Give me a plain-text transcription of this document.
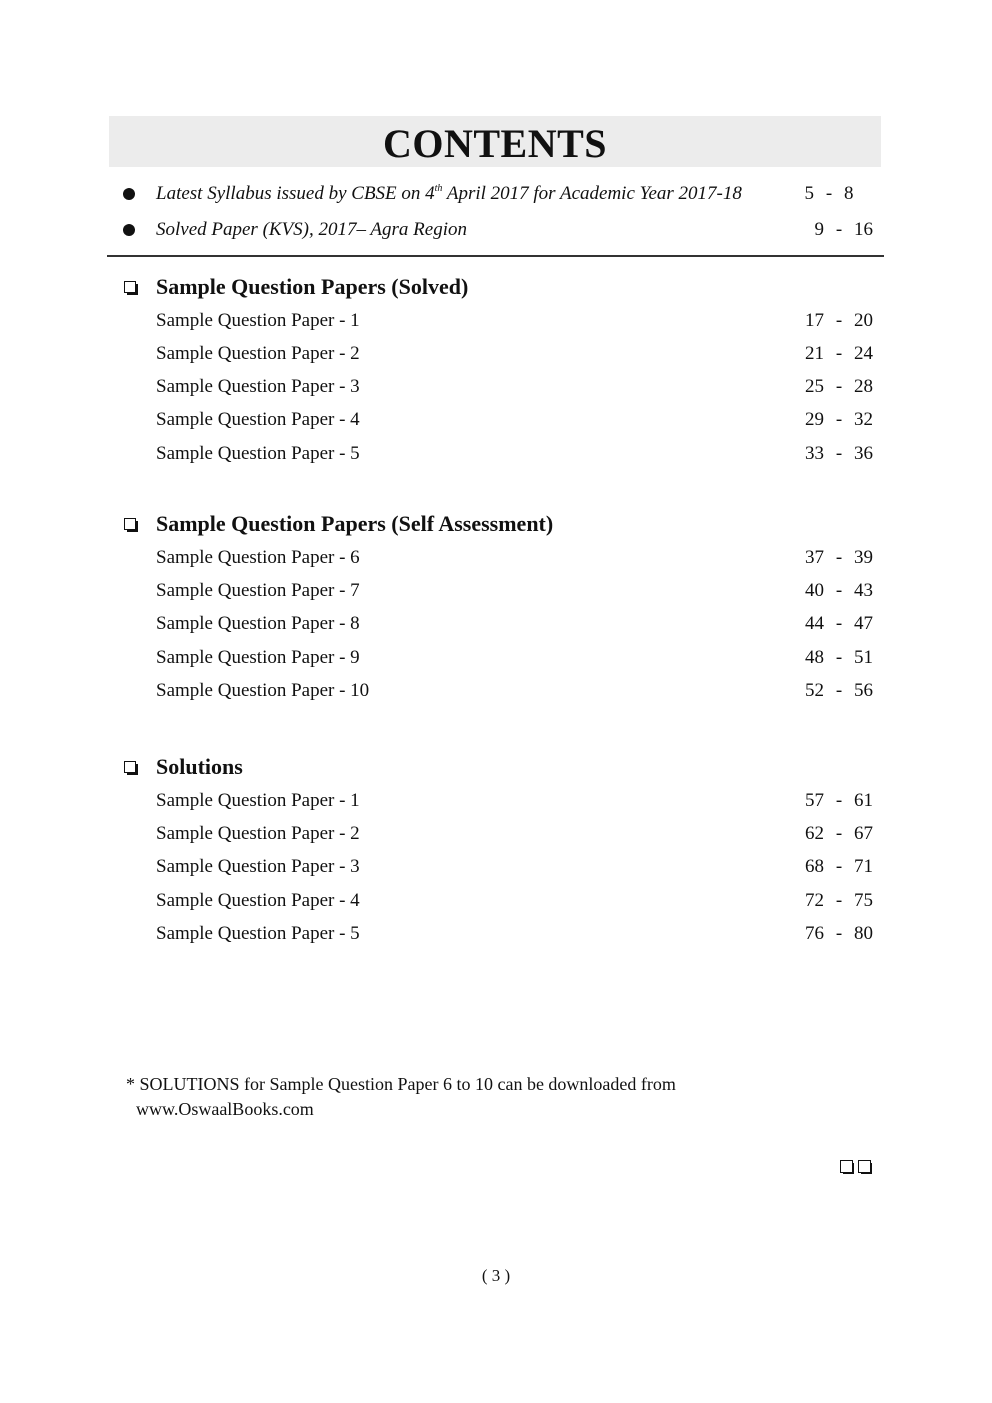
CONTENTS
Latest Syllabus issued by CBSE on 4th April 2017 for Academic Year 2017-18	5 - 8
Solved Paper (KVS), 2017– Agra Region	9 - 16
Sample Question Papers (Solved)
Sample Question Paper - 1	17 - 20
Sample Question Paper - 2	21 - 24
Sample Question Paper - 3	25 - 28
Sample Question Paper - 4	29 - 32
Sample Question Paper - 5	33 - 36
Sample Question Papers (Self Assessment)
Sample Question Paper - 6	37 - 39
Sample Question Paper - 7	40 - 43
Sample Question Paper - 8	44 - 47
Sample Question Paper - 9	48 - 51
Sample Question Paper - 10	52 - 56
Solutions
Sample Question Paper - 1	57 - 61
Sample Question Paper - 2	62 - 67
Sample Question Paper - 3	68 - 71
Sample Question Paper - 4	72 - 75
Sample Question Paper - 5	76 - 80
* SOLUTIONS for Sample Question Paper 6 to 10 can be downloaded from
www.OswaalBooks.com
( 3 )
